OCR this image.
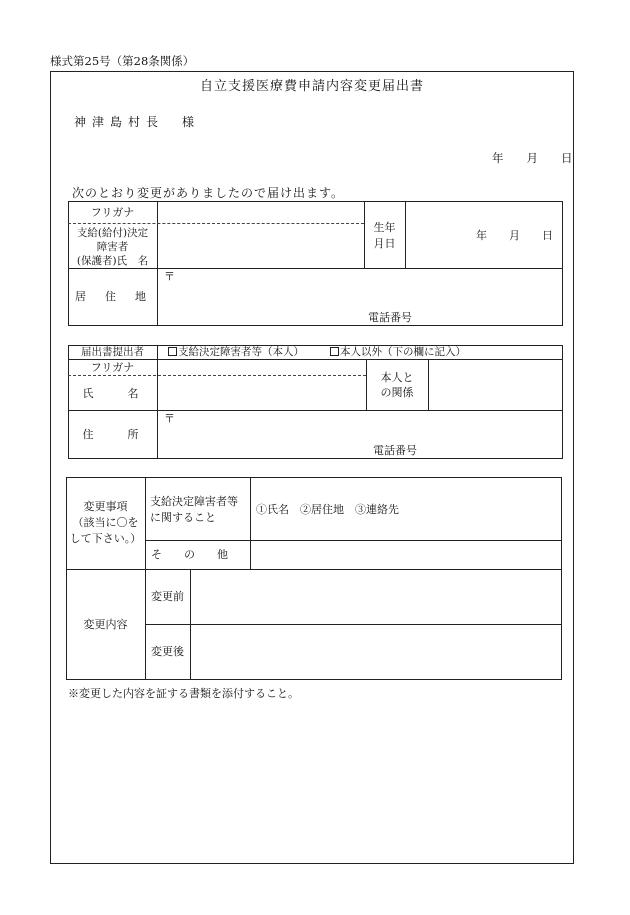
様式第25号（第28条関係）
自立支援医療費申請内容変更届出書
神津島村長　様
年　　月　　日
次のとおり変更がありましたので届け出ます。
フリガナ
支給(給付)決定
障害者
(保護者)氏　名
生年
月日
年　　月　　日
居　住　地
〒
電話番号
届出書提出者	支給決定障害者等（本人）	本人以外（下の欄に記入）
フリガナ
氏　　名
本人と
の関係
住　　所
〒
電話番号
変更事項
（該当に〇を
して下さい。）
支給決定障害者等
に関すること
①氏名　②居住地　③連絡先
そ　　の　　他
変更内容
変更前
変更後
※変更した内容を証する書類を添付すること。
